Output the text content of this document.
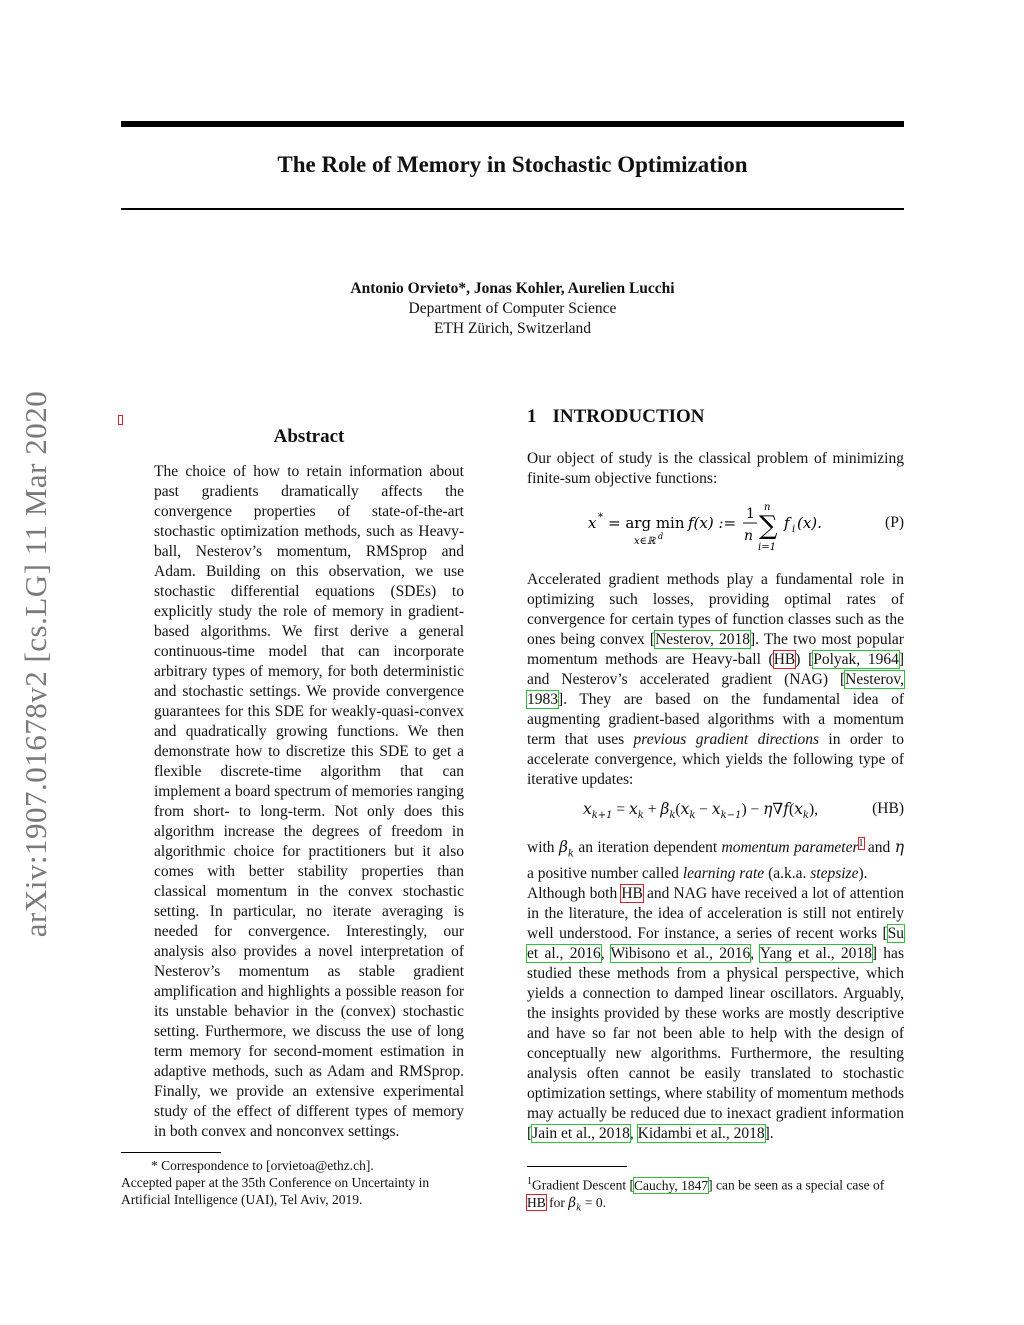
The Role of Memory in Stochastic Optimization
Antonio Orvieto*, Jonas Kohler, Aurelien Lucchi
Department of Computer Science
ETH Zürich, Switzerland
arXiv:1907.01678v2 [cs.LG] 11 Mar 2020	Abstract
The choice of how to retain information about past gradients dramatically affects the convergence properties of state-of-the-art stochastic optimization methods, such as Heavy-ball, Nesterov’s momentum, RMSprop and Adam. Building on this observation, we use stochastic differential equations (SDEs) to explicitly study the role of memory in gradient-based algorithms. We first derive a general continuous-time model that can incorporate arbitrary types of memory, for both deterministic and stochastic settings. We provide convergence guarantees for this SDE for weakly-quasi-convex and quadratically growing functions. We then demonstrate how to discretize this SDE to get a flexible discrete-time algorithm that can implement a board spectrum of memories ranging from short- to long-term. Not only does this algorithm increase the degrees of freedom in algorithmic choice for practitioners but it also comes with better stability properties than classical momentum in the convex stochastic setting. In particular, no iterate averaging is needed for convergence. Interestingly, our analysis also provides a novel interpretation of Nesterov’s momentum as stable gradient amplification and highlights a possible reason for its unstable behavior in the (convex) stochastic setting. Furthermore, we discuss the use of long term memory for second-moment estimation in adaptive methods, such as Adam and RMSprop. Finally, we provide an extensive experimental study of the effect of different types of memory in both convex and nonconvex settings.
* Correspondence to [orvietoa@ethz.ch].
Accepted paper at the 35th Conference on Uncertainty in Artificial Intelligence (UAI), Tel Aviv, 2019.
1 INTRODUCTION
Our object of study is the classical problem of minimizing finite-sum objective functions:
x * = arg min
x∈ℝ d
f(x) := 1
n
n
∑
i=1
f i (x).	(P)
Accelerated gradient methods play a fundamental role in optimizing such losses, providing optimal rates of convergence for certain types of function classes such as the ones being convex [Nesterov, 2018]. The two most popular momentum methods are Heavy-ball (HB) [Polyak, 1964] and Nesterov’s accelerated gradient (NAG) [Nesterov, 1983]. They are based on the fundamental idea of augmenting gradient-based algorithms with a momentum term that uses previous gradient directions in order to accelerate convergence, which yields the following type of iterative updates:
$x_{k+1} = x_k + \beta_k(x_k - x_{k-1}) - \eta\nabla f(x_k)$,	(HB)
with $\beta_k$ an iteration dependent momentum parameter$^1$ and η a positive number called learning rate (a.k.a. stepsize).
Although both HB and NAG have received a lot of attention in the literature, the idea of acceleration is still not entirely well understood. For instance, a series of recent works [Su et al., 2016, Wibisono et al., 2016, Yang et al., 2018] has studied these methods from a physical perspective, which yields a connection to damped linear oscillators. Arguably, the insights provided by these works are mostly descriptive and have so far not been able to help with the design of conceptually new algorithms. Furthermore, the resulting analysis often cannot be easily translated to stochastic optimization settings, where stability of momentum methods may actually be reduced due to inexact gradient information [Jain et al., 2018, Kidambi et al., 2018].
$^1$Gradient Descent [Cauchy, 1847] can be seen as a special case of HB for $\beta_k = 0$.
